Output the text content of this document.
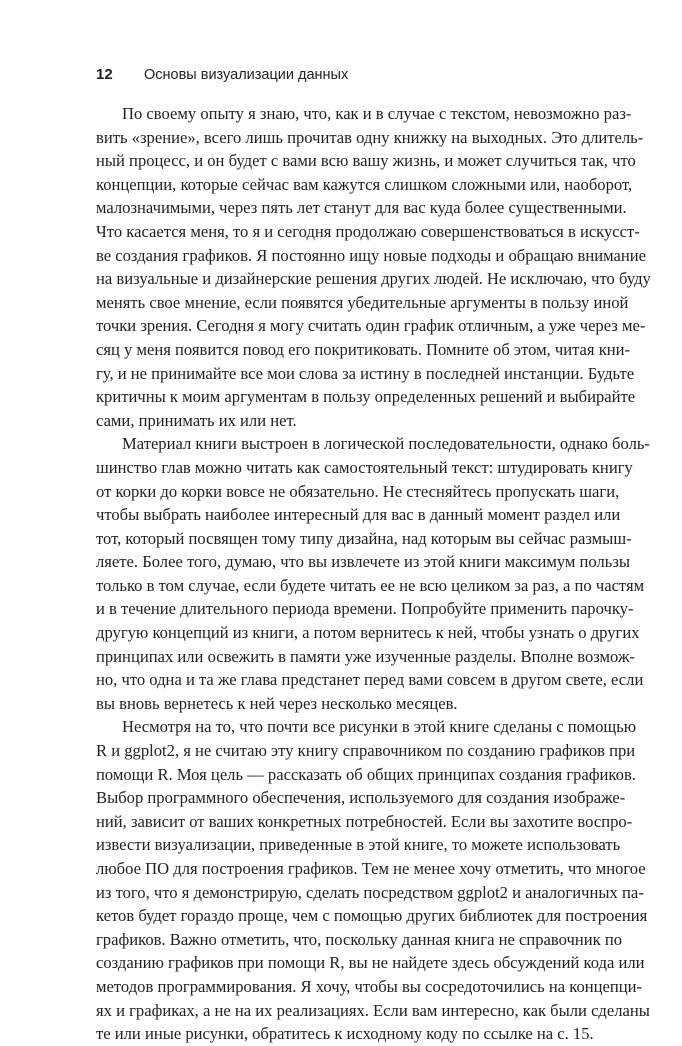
12	Основы визуализации данных
По своему опыту я знаю, что, как и в случае с текстом, невозможно раз-
вить «зрение», всего лишь прочитав одну книжку на выходных. Это длитель-
ный процесс, и он будет с вами всю вашу жизнь, и может случиться так, что
концепции, которые сейчас вам кажутся слишком сложными или, наоборот,
малозначимыми, через пять лет станут для вас куда более существенными.
Что касается меня, то я и сегодня продолжаю совершенствоваться в искусст-
ве создания графиков. Я постоянно ищу новые подходы и обращаю внимание
на визуальные и дизайнерские решения других людей. Не исключаю, что буду
менять свое мнение, если появятся убедительные аргументы в пользу иной
точки зрения. Сегодня я могу считать один график отличным, а уже через ме-
сяц у меня появится повод его покритиковать. Помните об этом, читая кни-
гу, и не принимайте все мои слова за истину в последней инстанции. Будьте
критичны к моим аргументам в пользу определенных решений и выбирайте
сами, принимать их или нет.
Материал книги выстроен в логической последовательности, однако боль-
шинство глав можно читать как самостоятельный текст: штудировать книгу
от корки до корки вовсе не обязательно. Не стесняйтесь пропускать шаги,
чтобы выбрать наиболее интересный для вас в данный момент раздел или
тот, который посвящен тому типу дизайна, над которым вы сейчас размыш-
ляете. Более того, думаю, что вы извлечете из этой книги максимум пользы
только в том случае, если будете читать ее не всю целиком за раз, а по частям
и в течение длительного периода времени. Попробуйте применить парочку-
другую концепций из книги, а потом вернитесь к ней, чтобы узнать о других
принципах или освежить в памяти уже изученные разделы. Вполне возмож-
но, что одна и та же глава предстанет перед вами совсем в другом свете, если
вы вновь вернетесь к ней через несколько месяцев.
Несмотря на то, что почти все рисунки в этой книге сделаны с помощью
R и ggplot2, я не считаю эту книгу справочником по созданию графиков при
помощи R. Моя цель — рассказать об общих принципах создания графиков.
Выбор программного обеспечения, используемого для создания изображе-
ний, зависит от ваших конкретных потребностей. Если вы захотите воспро-
извести визуализации, приведенные в этой книге, то можете использовать
любое ПО для построения графиков. Тем не менее хочу отметить, что многое
из того, что я демонстрирую, сделать посредством ggplot2 и аналогичных па-
кетов будет гораздо проще, чем с помощью других библиотек для построения
графиков. Важно отметить, что, поскольку данная книга не справочник по
созданию графиков при помощи R, вы не найдете здесь обсуждений кода или
методов программирования. Я хочу, чтобы вы сосредоточились на концепци-
ях и графиках, а не на их реализациях. Если вам интересно, как были сделаны
те или иные рисунки, обратитесь к исходному коду по ссылке на с. 15.
